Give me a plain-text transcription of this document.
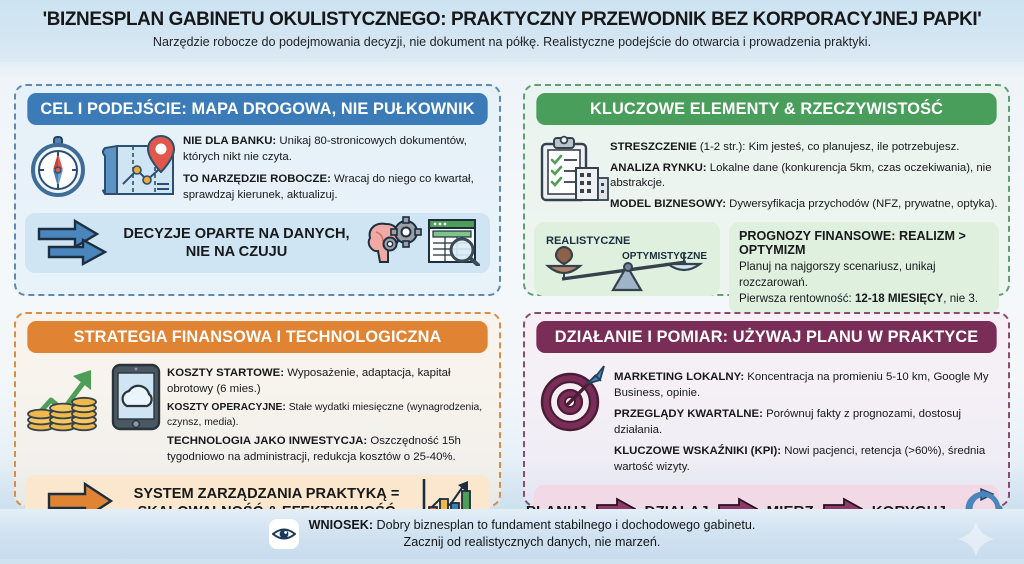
'BIZNESPLAN GABINETU OKULISTYCZNEGO: PRAKTYCZNY PRZEWODNIK BEZ KORPORACYJNEJ PAPKI'
Narzędzie robocze do podejmowania decyzji, nie dokument na półkę. Realistyczne podejście do otwarcia i prowadzenia praktyki.
CEL I PODEJŚCIE: MAPA DROGOWA, NIE PUŁKOWNIK

NIE DLA BANKU: Unikaj 80-stronicowych dokumentów, których nikt nie czyta.

TO NARZĘDZIE ROBOCZE: Wracaj do niego co kwartał, sprawdzaj kierunek, aktualizuj.

DECYZJE OPARTE NA DANYCH,
NIE NA CZUJU
KLUCZOWE ELEMENTY & RZECZYWISTOŚĆ

STRESZCZENIE (1-2 str.): Kim jesteś, co planujesz, ile potrzebujesz.

ANALIZA RYNKU: Lokalne dane (konkurencja 5km, czas oczekiwania), nie abstrakcje.

MODEL BIZNESOWY: Dywersyfikacja przychodów (NFZ, prywatne, optyka).

REALISTYCZNE
OPTYMISTYCZNE
PROGNOZY FINANSOWE: REALIZM > OPTYMIZM
Planuj na najgorszy scenariusz, unikaj rozczarowań.
Pierwsza rentowność: 12-18 MIESIĘCY, nie 3.
STRATEGIA FINANSOWA I TECHNOLOGICZNA

KOSZTY STARTOWE: Wyposażenie, adaptacja, kapitał obrotowy (6 mies.)

KOSZTY OPERACYJNE: Stałe wydatki miesięczne (wynagrodzenia, czynsz, media).

TECHNOLOGIA JAKO INWESTYCJA: Oszczędność 15h tygodniowo na administracji, redukcja kosztów o 25-40%.

SYSTEM ZARZĄDZANIA PRAKTYKĄ =
DZIAŁANIE I POMIAR: UŻYWAJ PLANU W PRAKTYCE

MARKETING LOKALNY: Koncentracja na promieniu 5-10 km, Google My Business, opinie.

PRZEGLĄDY KWARTALNE: Porównuj fakty z prognozami, dostosuj działania.

KLUCZOWE WSKAŹNIKI (KPI): Nowi pacjenci, retencja (>60%), średnia wartość wizyty.

WNIOSEK: Dobry biznesplan to fundament stabilnego i dochodowego gabinetu.
Zacznij od realistycznych danych, nie marzeń.
